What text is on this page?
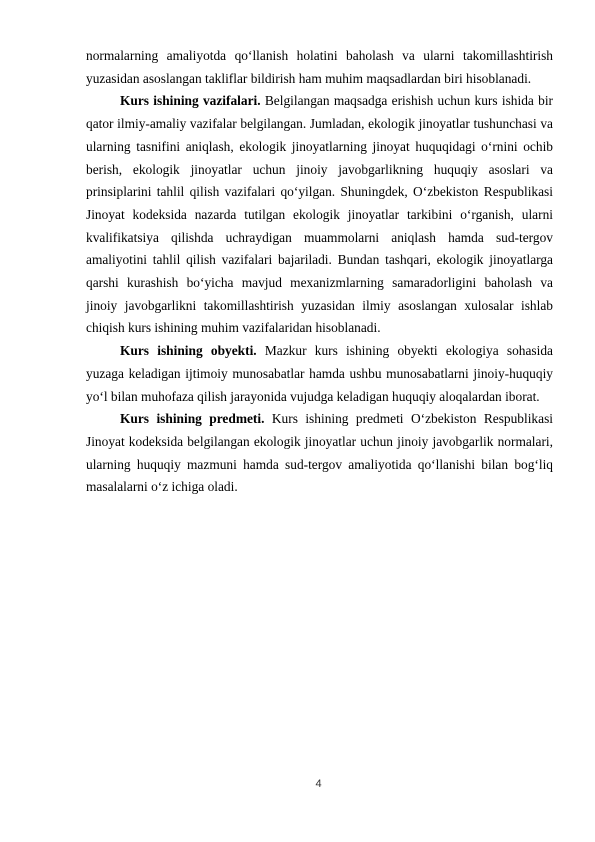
normalarning amaliyotda qo‘llanish holatini baholash va ularni takomillashtirish yuzasidan asoslangan takliflar bildirish ham muhim maqsadlardan biri hisoblanadi.

Kurs ishining vazifalari. Belgilangan maqsadga erishish uchun kurs ishida bir qator ilmiy-amaliy vazifalar belgilangan. Jumladan, ekologik jinoyatlar tushunchasi va ularning tasnifini aniqlash, ekologik jinoyatlarning jinoyat huquqidagi o‘rnini ochib berish, ekologik jinoyatlar uchun jinoiy javobgarlikning huquqiy asoslari va prinsiplarini tahlil qilish vazifalari qo‘yilgan. Shuningdek, O‘zbekiston Respublikasi Jinoyat kodeksida nazarda tutilgan ekologik jinoyatlar tarkibini o‘rganish, ularni kvalifikatsiya qilishda uchraydigan muammolarni aniqlash hamda sud-tergov amaliyotini tahlil qilish vazifalari bajariladi. Bundan tashqari, ekologik jinoyatlarga qarshi kurashish bo‘yicha mavjud mexanizmlarning samaradorligini baholash va jinoiy javobgarlikni takomillashtirish yuzasidan ilmiy asoslangan xulosalar ishlab chiqish kurs ishining muhim vazifalaridan hisoblanadi.

Kurs ishining obyekti. Mazkur kurs ishining obyekti ekologiya sohasida yuzaga keladigan ijtimoiy munosabatlar hamda ushbu munosabatlarni jinoiy-huquqiy yo‘l bilan muhofaza qilish jarayonida vujudga keladigan huquqiy aloqalardan iborat.

Kurs ishining predmeti. Kurs ishining predmeti O‘zbekiston Respublikasi Jinoyat kodeksida belgilangan ekologik jinoyatlar uchun jinoiy javobgarlik normalari, ularning huquqiy mazmuni hamda sud-tergov amaliyotida qo‘llanishi bilan bog‘liq masalalarni o‘z ichiga oladi.

4
